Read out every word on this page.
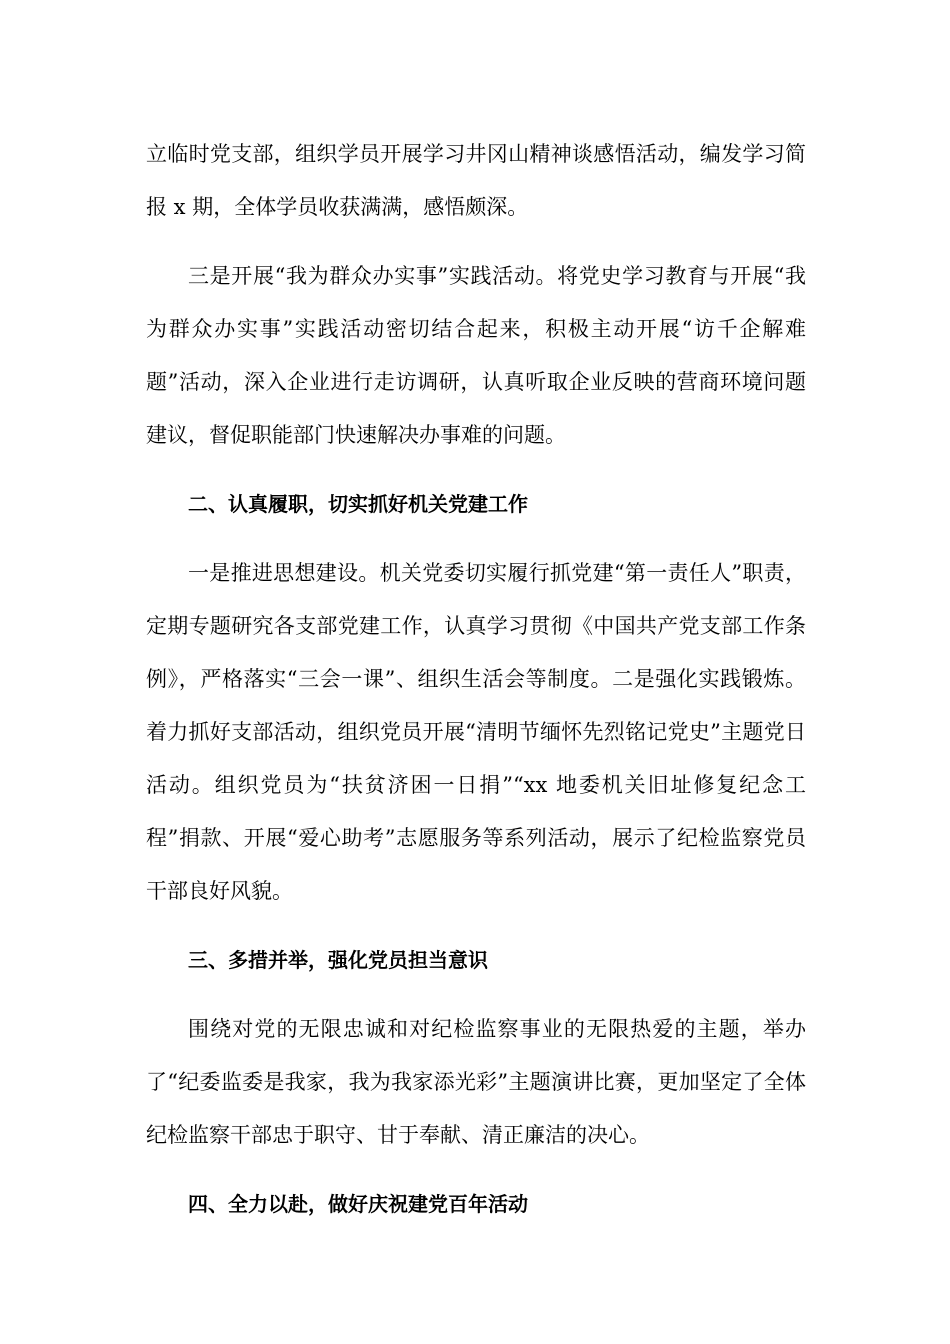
立临时党支部，组织学员开展学习井冈山精神谈感悟活动，编发学习简报 x 期，全体学员收获满满，感悟颇深。

三是开展“我为群众办实事”实践活动。将党史学习教育与开展“我为群众办实事”实践活动密切结合起来，积极主动开展“访千企解难题”活动，深入企业进行走访调研，认真听取企业反映的营商环境问题建议，督促职能部门快速解决办事难的问题。

二、认真履职，切实抓好机关党建工作

一是推进思想建设。机关党委切实履行抓党建“第一责任人”职责，定期专题研究各支部党建工作，认真学习贯彻《中国共产党支部工作条例》，严格落实“三会一课”、组织生活会等制度。二是强化实践锻炼。着力抓好支部活动，组织党员开展“清明节缅怀先烈铭记党史”主题党日活动。组织党员为“扶贫济困一日捐”“xx 地委机关旧址修复纪念工程”捐款、开展“爱心助考”志愿服务等系列活动，展示了纪检监察党员干部良好风貌。

三、多措并举，强化党员担当意识

围绕对党的无限忠诚和对纪检监察事业的无限热爱的主题，举办了“纪委监委是我家，我为我家添光彩”主题演讲比赛，更加坚定了全体纪检监察干部忠于职守、甘于奉献、清正廉洁的决心。

四、全力以赴，做好庆祝建党百年活动
